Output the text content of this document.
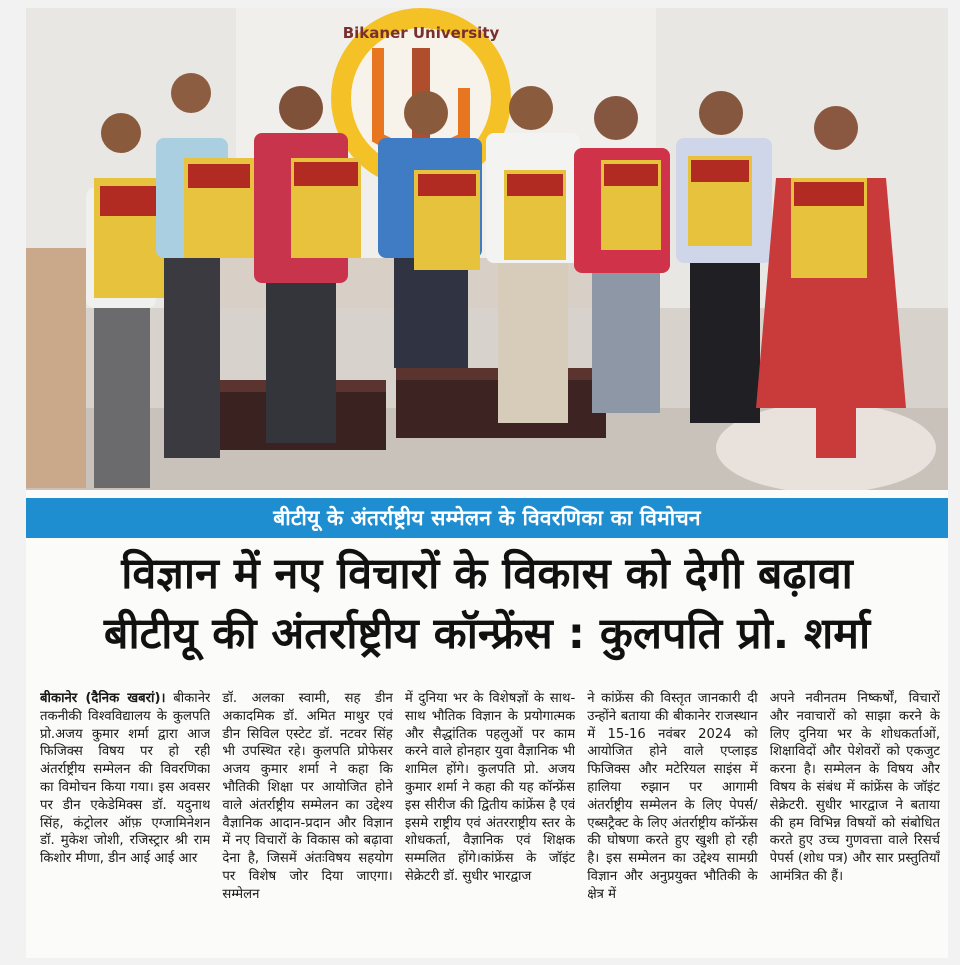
Bikaner University
बीटीयू के अंतर्राष्ट्रीय सम्मेलन के विवरणिका का विमोचन
विज्ञान में नए विचारों के विकास को देगी बढ़ावा
बीटीयू की अंतर्राष्ट्रीय कॉन्फ्रेंस : कुलपति प्रो. शर्मा
बीकानेर (दैनिक खबरां)। बीकानेर तकनीकी विश्वविद्यालय के कुलपति प्रो.अजय कुमार शर्मा द्वारा आज फिजिक्स विषय पर हो रही अंतर्राष्ट्रीय सम्मेलन की विवरणिका का विमोचन किया गया। इस अवसर पर डीन एकेडेमिक्स डॉ. यदुनाथ सिंह, कंट्रोलर ऑफ़ एग्जामिनेशन डॉ. मुकेश जोशी, रजिस्ट्रार श्री राम किशोर मीणा, डीन आई आई आर
डॉ. अलका स्वामी, सह डीन अकादमिक डॉ. अमित माथुर एवं डीन सिविल एस्टेट डॉ. नटवर सिंह भी उपस्थित रहे। कुलपति प्रोफेसर अजय कुमार शर्मा ने कहा कि भौतिकी शिक्षा पर आयोजित होने वाले अंतर्राष्ट्रीय सम्मेलन का उद्देश्य वैज्ञानिक आदान-प्रदान और विज्ञान में नए विचारों के विकास को बढ़ावा देना है, जिसमें अंतःविषय सहयोग पर विशेष जोर दिया जाएगा। सम्मेलन
में दुनिया भर के विशेषज्ञों के साथ-साथ भौतिक विज्ञान के प्रयोगात्मक और सैद्धांतिक पहलुओं पर काम करने वाले होनहार युवा वैज्ञानिक भी शामिल होंगे। कुलपति प्रो. अजय कुमार शर्मा ने कहा की यह कॉन्फ्रेंस इस सीरीज की द्वितीय कांफ्रेंस है एवं इसमे राष्ट्रीय एवं अंतरराष्ट्रीय स्तर के शोधकर्ता, वैज्ञानिक एवं शिक्षक सम्मलित होंगे।कांफ्रेंस के जॉइंट सेक्रेटरी डॉ. सुधीर भारद्वाज
ने कांफ्रेंस की विस्तृत जानकारी दी उन्होंने बताया की बीकानेर राजस्थान में 15-16 नवंबर 2024 को आयोजित होने वाले एप्लाइड फिजिक्स और मटेरियल साइंस में हालिया रुझान पर आगामी अंतर्राष्ट्रीय सम्मेलन के लिए पेपर्स/एब्सट्रैक्ट के लिए अंतर्राष्ट्रीय कॉन्फ्रेंस की घोषणा करते हुए खुशी हो रही है। इस सम्मेलन का उद्देश्य सामग्री विज्ञान और अनुप्रयुक्त भौतिकी के क्षेत्र में
अपने नवीनतम निष्कर्षों, विचारों और नवाचारों को साझा करने के लिए दुनिया भर के शोधकर्ताओं, शिक्षाविदों और पेशेवरों को एकजुट करना है। सम्मेलन के विषय और विषय के संबंध में कांफ्रेंस के जॉइंट सेक्रेटरी. सुधीर भारद्वाज ने बताया की हम विभिन्न विषयों को संबोधित करते हुए उच्च गुणवत्ता वाले रिसर्च पेपर्स (शोध पत्र) और सार प्रस्तुतियाँ आमंत्रित की हैं।
